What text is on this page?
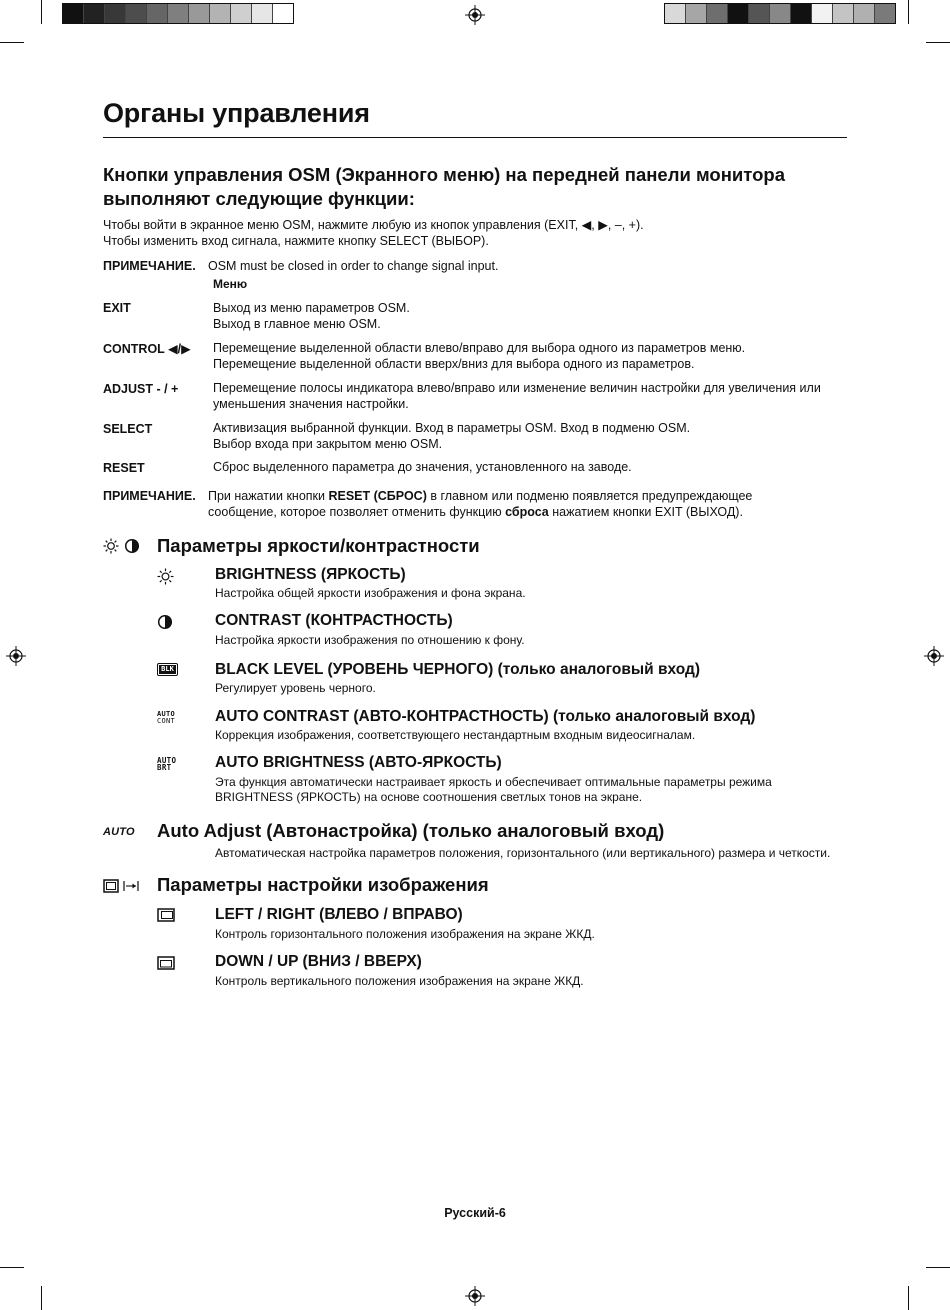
Органы управления
Кнопки управления OSM (Экранного меню) на передней панели монитора выполняют следующие функции:
Чтобы войти в экранное меню OSM, нажмите любую из кнопок управления (EXIT, ◀, ▶, –, +).
Чтобы изменить вход сигнала, нажмите кнопку SELECT (ВЫБОР).
ПРИМЕЧАНИЕ. OSM must be closed in order to change signal input.
Меню
EXIT	Выход из меню параметров OSM.
Выход в главное меню OSM.
CONTROL ◀/▶ Перемещение выделенной области влево/вправо для выбора одного из параметров меню.
Перемещение выделенной области вверх/вниз для выбора одного из параметров.
ADJUST - / +	Перемещение полосы индикатора влево/вправо или изменение величин настройки для увеличения или
уменьшения значения настройки.
SELECT	Активизация выбранной функции. Вход в параметры OSM. Вход в подменю OSM.
Выбор входа при закрытом меню OSM.
RESET	Сброс выделенного параметра до значения, установленного на заводе.
ПРИМЕЧАНИЕ. При нажатии кнопки RESET (СБРОС) в главном или подменю появляется предупреждающее
сообщение, которое позволяет отменить функцию сброса нажатием кнопки EXIT (ВЫХОД).
Параметры яркости/контрастности
BRIGHTNESS (ЯРКОСТЬ)
Настройка общей яркости изображения и фона экрана.
CONTRAST (КОНТРАСТНОСТЬ)
Настройка яркости изображения по отношению к фону.
BLK	BLACK LEVEL (УРОВЕНЬ ЧЕРНОГО) (только аналоговый вход)
Регулирует уровень черного.
AUTO
CONT	AUTO CONTRAST (АВТО-КОНТРАСТНОСТЬ) (только аналоговый вход)
Коррекция изображения, соответствующего нестандартным входным видеосигналам.
AUTO
BRT	AUTO BRIGHTNESS (АВТО-ЯРКОСТЬ)
Эта функция автоматически настраивает яркость и обеспечивает оптимальные параметры режима
BRIGHTNESS (ЯРКОСТЬ) на основе соотношения светлых тонов на экране.
AUTO Auto Adjust (Автонастройка) (только аналоговый вход)
Автоматическая настройка параметров положения, горизонтального (или вертикального) размера и четкости.
Параметры настройки изображения
LEFT / RIGHT (ВЛЕВО / ВПРАВО)
Контроль горизонтального положения изображения на экране ЖКД.
DOWN / UP (ВНИЗ / ВВЕРХ)
Контроль вертикального положения изображения на экране ЖКД.
Русский-6
